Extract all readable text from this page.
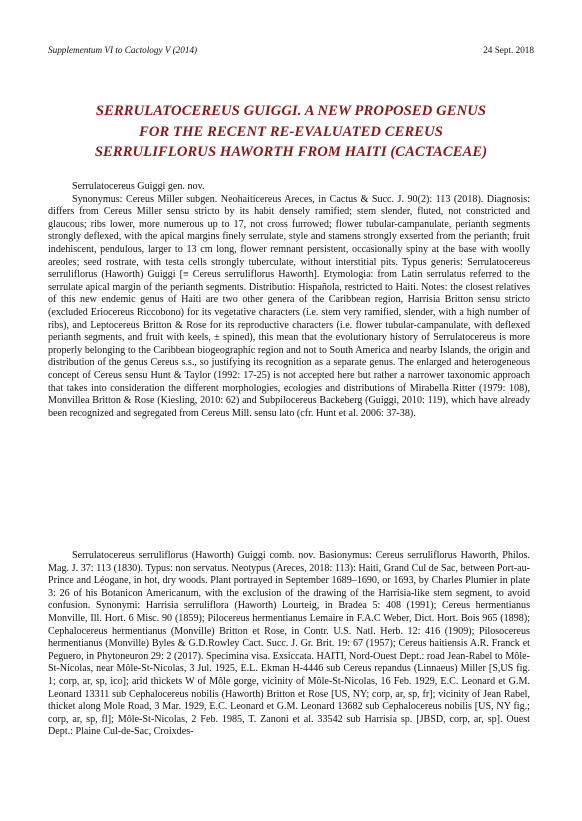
Supplementum VI to Cactology V (2014)	24 Sept. 2018
SERRULATOCEREUS GUIGGI. A NEW PROPOSED GENUS
FOR THE RECENT RE-EVALUATED CEREUS
SERRULIFLORUS HAWORTH FROM HAITI (CACTACEAE)

Serrulatocereus Guiggi gen. nov.

Synonymus: Cereus Miller subgen. Neohaiticereus Areces, in Cactus & Succ. J. 90(2): 113 (2018). Diagnosis: differs from Cereus Miller sensu stricto by its habit densely ramified; stem slender, fluted, not constricted and glaucous; ribs lower, more numerous up to 17, not cross furrowed; flower tubular-campanulate, perianth segments strongly deflexed, with the apical margins finely serrulate, style and stamens strongly exserted from the perianth; fruit indehiscent, pendulous, larger to 13 cm long, flower remnant persistent, occasionally spiny at the base with woolly areoles; seed rostrate, with testa cells strongly tuberculate, without interstitial pits. Typus generis: Serrulatocereus serruliflorus (Haworth) Guiggi [≡ Cereus serruliflorus Haworth]. Etymologia: from Latin serrulatus referred to the serrulate apical margin of the perianth segments. Distributio: Hispañola, restricted to Haiti. Notes: the closest relatives of this new endemic genus of Haiti are two other genera of the Caribbean region, Harrisia Britton sensu stricto (excluded Eriocereus Riccobono) for its vegetative characters (i.e. stem very ramified, slender, with a high number of ribs), and Leptocereus Britton & Rose for its reproductive characters (i.e. flower tubular-campanulate, with deflexed perianth segments, and fruit with keels, ± spined), this mean that the evolutionary history of Serrulatocereus is more properly belonging to the Caribbean biogeographic region and not to South America and nearby Islands, the origin and distribution of the genus Cereus s.s., so justifying its recognition as a separate genus. The enlarged and heterogeneous concept of Cereus sensu Hunt & Taylor (1992: 17-25) is not accepted here but rather a narrower taxonomic approach that takes into consideration the different morphologies, ecologies and distributions of Mirabella Ritter (1979: 108), Monvillea Britton & Rose (Kiesling, 2010: 62) and Subpilocereus Backeberg (Guiggi, 2010: 119), which have already been recognized and segregated from Cereus Mill. sensu lato (cfr. Hunt et al. 2006: 37-38).

Serrulatocereus serruliflorus (Haworth) Guiggi comb. nov. Basionymus: Cereus serruliflorus Haworth, Philos. Mag. J. 37: 113 (1830). Typus: non servatus. Neotypus (Areces, 2018: 113): Haiti, Grand Cul de Sac, between Port-au-Prince and Léogane, in hot, dry woods. Plant portrayed in September 1689–1690, or 1693, by Charles Plumier in plate 3: 26 of his Botanicon Americanum, with the exclusion of the drawing of the Harrisia-like stem segment, to avoid confusion. Synonymi: Harrisia serruliflora (Haworth) Lourteig, in Bradea 5: 408 (1991); Cereus hermentianus Monville, Ill. Hort. 6 Misc. 90 (1859); Pilocereus hermentianus Lemaire in F.A.C Weber, Dict. Hort. Bois 965 (1898); Cephalocereus hermentianus (Monville) Britton et Rose, in Contr. U.S. Natl. Herb. 12: 416 (1909); Pilosocereus hermentianus (Monville) Byles & G.D.Rowley Cact. Succ. J. Gr. Brit. 19: 67 (1957); Cereus haitiensis A.R. Franck et Peguero, in Phytoneuron 29: 2 (2017). Specimina visa. Exsiccata. HAITI, Nord-Ouest Dept.: road Jean-Rabel to Môle-St-Nicolas, near Môle-St-Nicolas, 3 Jul. 1925, E.L. Ekman H-4446 sub Cereus repandus (Linnaeus) Miller [S,US fig. 1; corp, ar, sp, ico]; arid thickets W of Môle gorge, vicinity of Môle-St-Nicolas, 16 Feb. 1929, E.C. Leonard et G.M. Leonard 13311 sub Cephalocereus nobilis (Haworth) Britton et Rose [US, NY; corp, ar, sp, fr]; vicinity of Jean Rabel, thicket along Mole Road, 3 Mar. 1929, E.C. Leonard et G.M. Leonard 13682 sub Cephalocereus nobilis [US, NY fig.; corp, ar, sp, fl]; Môle-St-Nicolas, 2 Feb. 1985, T. Zanoni et al. 33542 sub Harrisia sp. [JBSD, corp, ar, sp]. Ouest Dept.: Plaine Cul-de-Sac, Croixdes-
